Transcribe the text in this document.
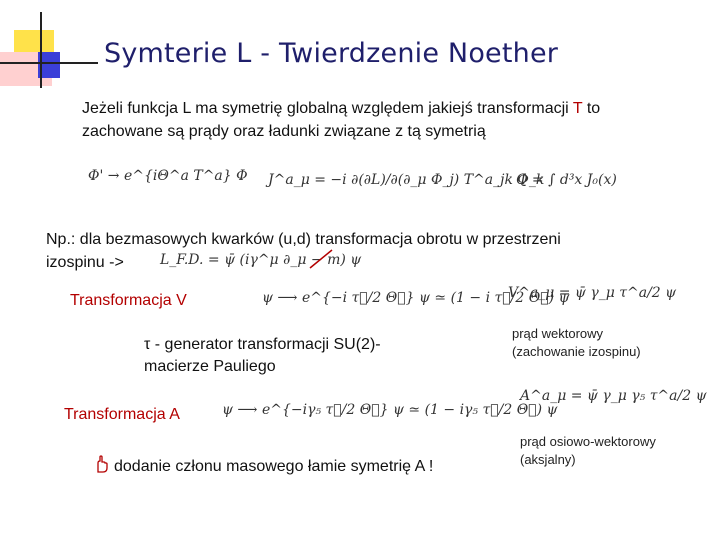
Symterie L - Twierdzenie Noether
Jeżeli funkcja L ma symetrię globalną względem jakiejś transformacji T to
zachowane są prądy oraz ładunki związane z tą symetrią
Φ' → e^{iΘ^a T^a} Φ J^a_μ = −i ∂(∂L)/∂(∂_μ Φ_j) T^a_jk Φ_k
Q = ∫ d³x J₀(x)
Np.: dla bezmasowych kwarków (u,d) transformacja obrotu w przestrzeni
izospinu ->	L_F.D. = ψ̄ (iγ^μ ∂_μ − m) ψ
Transformacja V	ψ ⟶ e^{−i τ⃗/2 Θ⃗} ψ ≃ (1 − i τ⃗/2 Θ⃗) ψ
V^a_μ = ψ̄ γ_μ τ^a/2 ψ
τ - generator transformacji SU(2)-
macierze Pauliego
prąd wektorowy
(zachowanie izospinu)
Transformacja A	ψ ⟶ e^{−iγ₅ τ⃗/2 Θ⃗} ψ ≃ (1 − iγ₅ τ⃗/2 Θ⃗) ψ
A^a_μ = ψ̄ γ_μ γ₅ τ^a/2 ψ
prąd osiowo-wektorowy
(aksjalny)
dodanie członu masowego łamie symetrię A !
